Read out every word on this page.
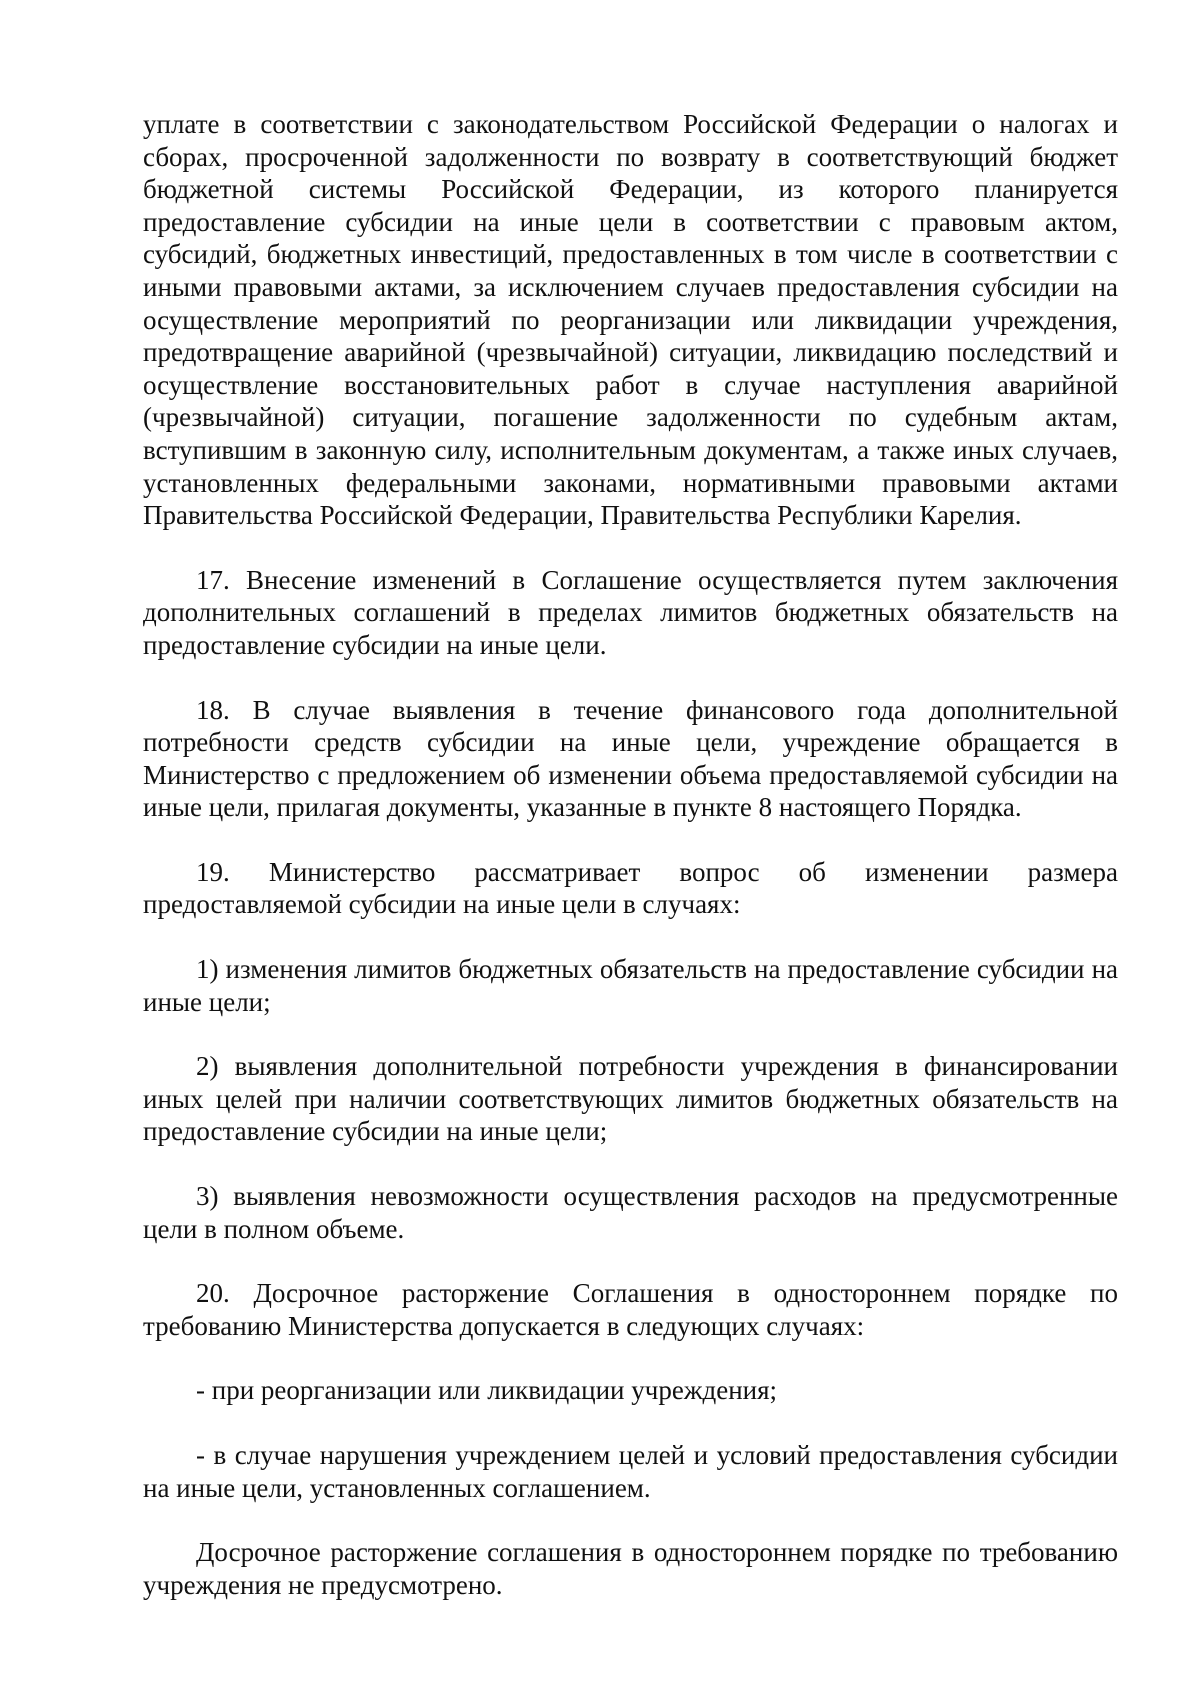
уплате в соответствии с законодательством Российской Федерации о налогах и сборах, просроченной задолженности по возврату в соответствующий бюджет бюджетной системы Российской Федерации, из которого планируется предоставление субсидии на иные цели в соответствии с правовым актом, субсидий, бюджетных инвестиций, предоставленных в том числе в соответствии с иными правовыми актами, за исключением случаев предоставления субсидии на осуществление мероприятий по реорганизации или ликвидации учреждения, предотвращение аварийной (чрезвычайной) ситуации, ликвидацию последствий и осуществление восстановительных работ в случае наступления аварийной (чрезвычайной) ситуации, погашение задолженности по судебным актам, вступившим в законную силу, исполнительным документам, а также иных случаев, установленных федеральными законами, нормативными правовыми актами Правительства Российской Федерации, Правительства Республики Карелия.

17. Внесение изменений в Соглашение осуществляется путем заключения дополнительных соглашений в пределах лимитов бюджетных обязательств на предоставление субсидии на иные цели.

18. В случае выявления в течение финансового года дополнительной потребности средств субсидии на иные цели, учреждение обращается в Министерство с предложением об изменении объема предоставляемой субсидии на иные цели, прилагая документы, указанные в пункте 8 настоящего Порядка.

19. Министерство рассматривает вопрос об изменении размера предоставляемой субсидии на иные цели в случаях:

1) изменения лимитов бюджетных обязательств на предоставление субсидии на иные цели;

2) выявления дополнительной потребности учреждения в финансировании иных целей при наличии соответствующих лимитов бюджетных обязательств на предоставление субсидии на иные цели;

3) выявления невозможности осуществления расходов на предусмотренные цели в полном объеме.

20. Досрочное расторжение Соглашения в одностороннем порядке по требованию Министерства допускается в следующих случаях:

- при реорганизации или ликвидации учреждения;

- в случае нарушения учреждением целей и условий предоставления субсидии на иные цели, установленных соглашением.

Досрочное расторжение соглашения в одностороннем порядке по требованию учреждения не предусмотрено.
